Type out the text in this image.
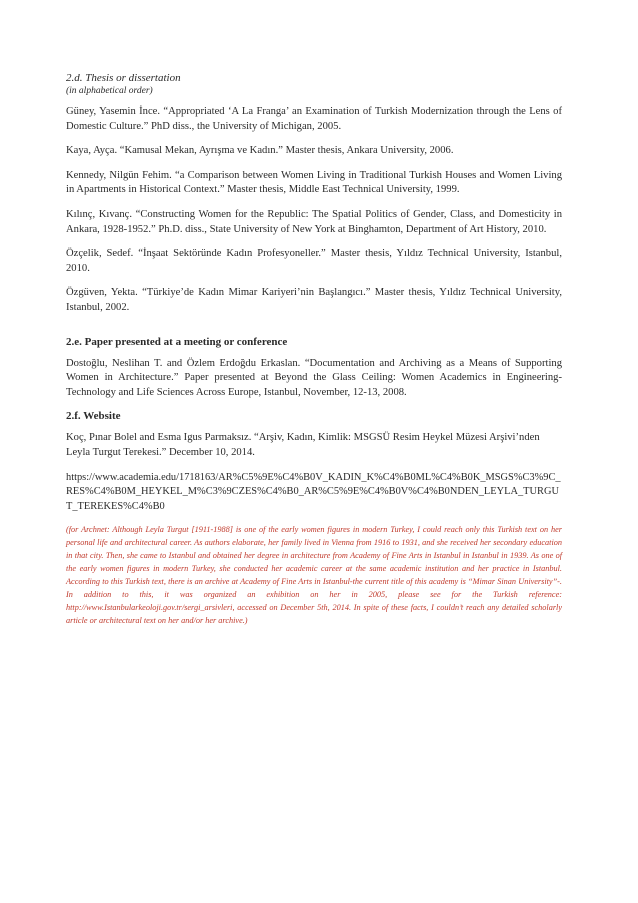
2.d. Thesis or dissertation

(in alphabetical order)

Güney, Yasemin İnce. “Appropriated ‘A La Franga’ an Examination of Turkish Modernization through the Lens of Domestic Culture.” PhD diss., the University of Michigan, 2005.

Kaya, Ayça. “Kamusal Mekan, Ayrışma ve Kadın.” Master thesis, Ankara University, 2006.

Kennedy, Nilgün Fehim. “a Comparison between Women Living in Traditional Turkish Houses and Women Living in Apartments in Historical Context.” Master thesis, Middle East Technical University, 1999.

Kılınç, Kıvanç. “Constructing Women for the Republic: The Spatial Politics of Gender, Class, and Domesticity in Ankara, 1928-1952.” Ph.D. diss., State University of New York at Binghamton, Department of Art History, 2010.

Özçelik, Sedef. “İnşaat Sektöründe Kadın Profesyoneller.” Master thesis, Yıldız Technical University, Istanbul, 2010.

Özgüven, Yekta. “Türkiye’de Kadın Mimar Kariyeri’nin Başlangıcı.” Master thesis, Yıldız Technical University, Istanbul, 2002.

2.e. Paper presented at a meeting or conference

Dostoğlu, Neslihan T. and Özlem Erdoğdu Erkaslan. “Documentation and Archiving as a Means of Supporting Women in Architecture.” Paper presented at Beyond the Glass Ceiling: Women Academics in Engineering-Technology and Life Sciences Across Europe, Istanbul, November, 12-13, 2008.

2.f. Website

Koç, Pınar Bolel and Esma Igus Parmaksız. “Arşiv, Kadın, Kimlik: MSGSÜ Resim Heykel Müzesi Arşivi’nden Leyla Turgut Terekesi.” December 10, 2014.

https://www.academia.edu/1718163/AR%C5%9E%C4%B0V_KADIN_K%C4%B0ML%C4%B0K_MSGS%C3%9C_RES%C4%B0M_HEYKEL_M%C3%9CZES%C4%B0_AR%C5%9E%C4%B0V%C4%B0NDEN_LEYLA_TURGUT_TEREKES%C4%B0

(for Archnet: Although Leyla Turgut [1911-1988] is one of the early women figures in modern Turkey, I could reach only this Turkish text on her personal life and architectural career. As authors elaborate, her family lived in Vienna from 1916 to 1931, and she received her secondary education in that city. Then, she came to Istanbul and obtained her degree in architecture from Academy of Fine Arts in Istanbul in Istanbul in 1939. As one of the early women figures in modern Turkey, she conducted her academic career at the same academic institution and her practice in Istanbul. According to this Turkish text, there is an archive at Academy of Fine Arts in Istanbul-the current title of this academy is “Mimar Sinan University”-. In addition to this, it was organized an exhibition on her in 2005, please see for the Turkish reference: http://www.Istanbularkeoloji.gov.tr/sergi_arsivleri, accessed on December 5th, 2014. In spite of these facts, I couldn’t reach any detailed scholarly article or architectural text on her and/or her archive.)
